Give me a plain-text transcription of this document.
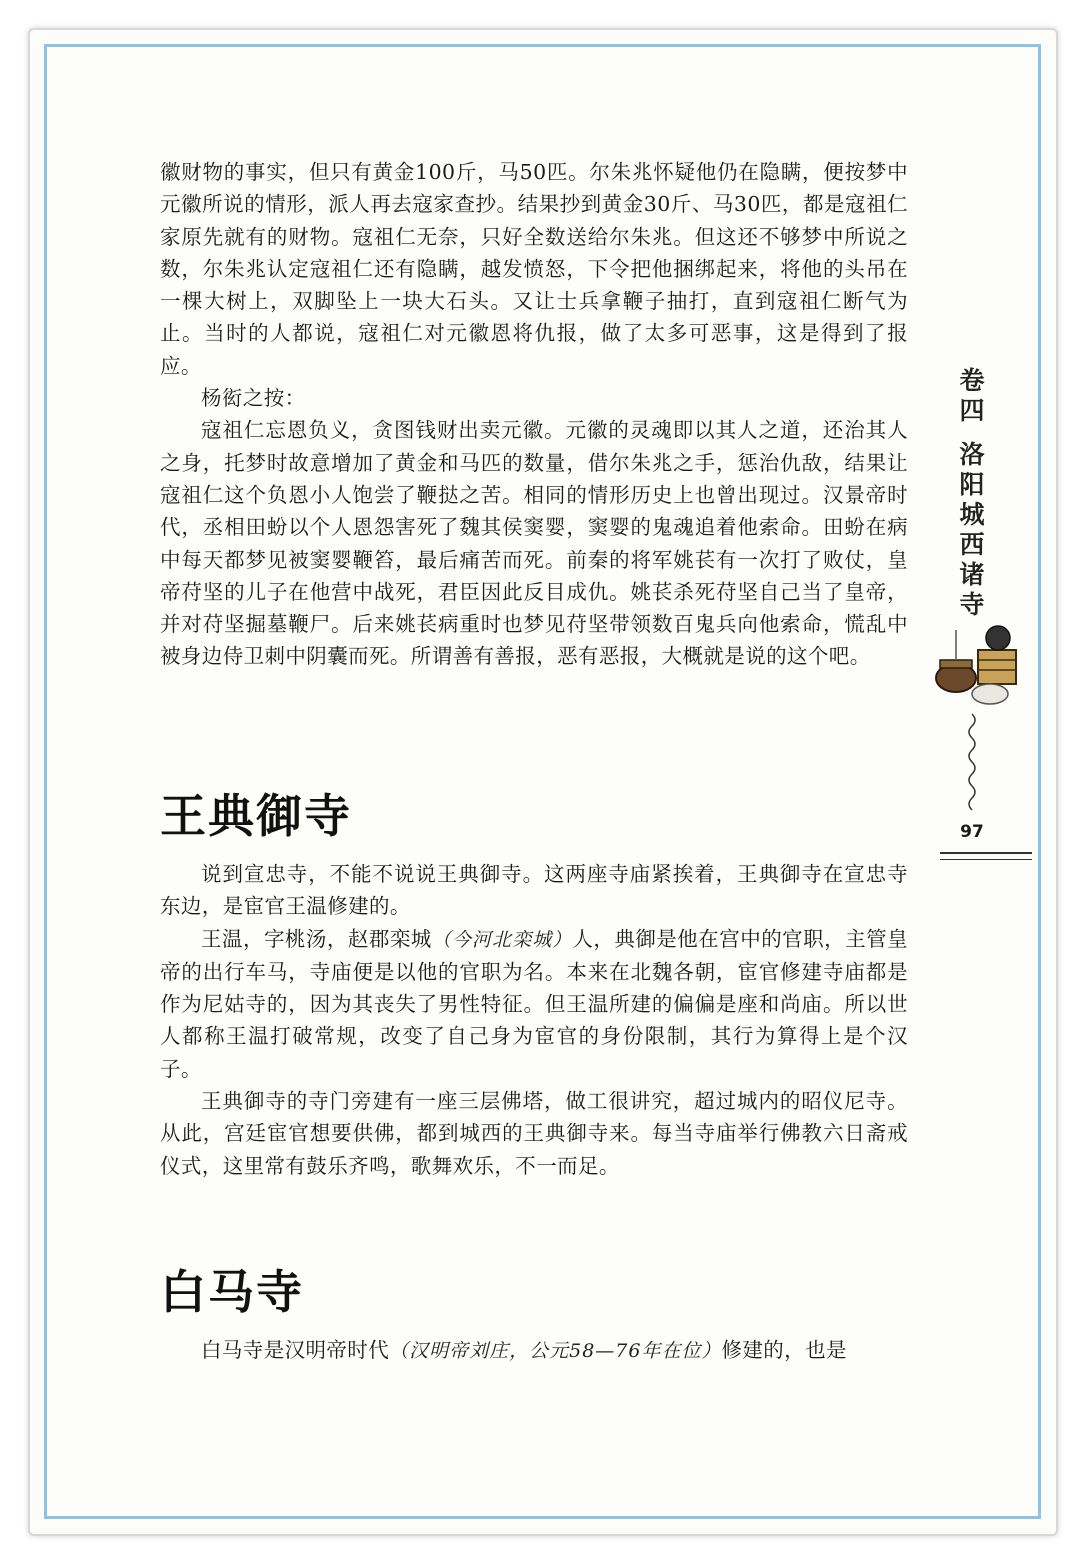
徽财物的事实，但只有黄金100斤，马50匹。尔朱兆怀疑他仍在隐瞒，便按梦中元徽所说的情形，派人再去寇家查抄。结果抄到黄金30斤、马30匹，都是寇祖仁家原先就有的财物。寇祖仁无奈，只好全数送给尔朱兆。但这还不够梦中所说之数，尔朱兆认定寇祖仁还有隐瞒，越发愤怒，下令把他捆绑起来，将他的头吊在一棵大树上，双脚坠上一块大石头。又让士兵拿鞭子抽打，直到寇祖仁断气为止。当时的人都说，寇祖仁对元徽恩将仇报，做了太多可恶事，这是得到了报应。

杨衒之按：

寇祖仁忘恩负义，贪图钱财出卖元徽。元徽的灵魂即以其人之道，还治其人之身，托梦时故意增加了黄金和马匹的数量，借尔朱兆之手，惩治仇敌，结果让寇祖仁这个负恩小人饱尝了鞭挞之苦。相同的情形历史上也曾出现过。汉景帝时代，丞相田蚡以个人恩怨害死了魏其侯窦婴，窦婴的鬼魂追着他索命。田蚡在病中每天都梦见被窦婴鞭笞，最后痛苦而死。前秦的将军姚苌有一次打了败仗，皇帝苻坚的儿子在他营中战死，君臣因此反目成仇。姚苌杀死苻坚自己当了皇帝，并对苻坚掘墓鞭尸。后来姚苌病重时也梦见苻坚带领数百鬼兵向他索命，慌乱中被身边侍卫刺中阴囊而死。所谓善有善报，恶有恶报，大概就是说的这个吧。

王典御寺

说到宣忠寺，不能不说说王典御寺。这两座寺庙紧挨着，王典御寺在宣忠寺东边，是宦官王温修建的。

王温，字桃汤，赵郡栾城（今河北栾城）人，典御是他在宫中的官职，主管皇帝的出行车马，寺庙便是以他的官职为名。本来在北魏各朝，宦官修建寺庙都是作为尼姑寺的，因为其丧失了男性特征。但王温所建的偏偏是座和尚庙。所以世人都称王温打破常规，改变了自己身为宦官的身份限制，其行为算得上是个汉子。

王典御寺的寺门旁建有一座三层佛塔，做工很讲究，超过城内的昭仪尼寺。从此，宫廷宦官想要供佛，都到城西的王典御寺来。每当寺庙举行佛教六日斋戒仪式，这里常有鼓乐齐鸣，歌舞欢乐，不一而足。

白马寺

白马寺是汉明帝时代（汉明帝刘庄，公元58—76年在位）修建的，也是

卷
四
洛
阳
城
西
诸
寺
97
